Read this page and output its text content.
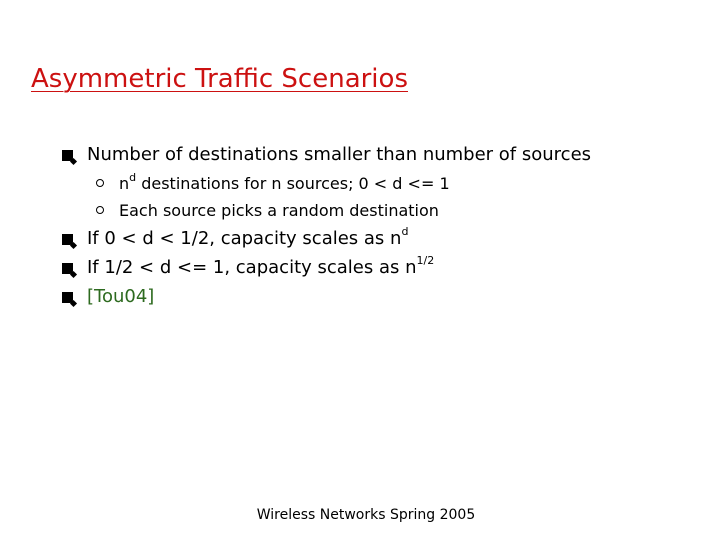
Asymmetric Traffic Scenarios
Number of destinations smaller than number of sources
$n^d$ destinations for n sources; 0 < d <= 1
Each source picks a random destination
If 0 < d < 1/2, capacity scales as $n^d$
If 1/2 < d <= 1, capacity scales as $n^{1/2}$
[Tou04]
Wireless Networks Spring 2005
